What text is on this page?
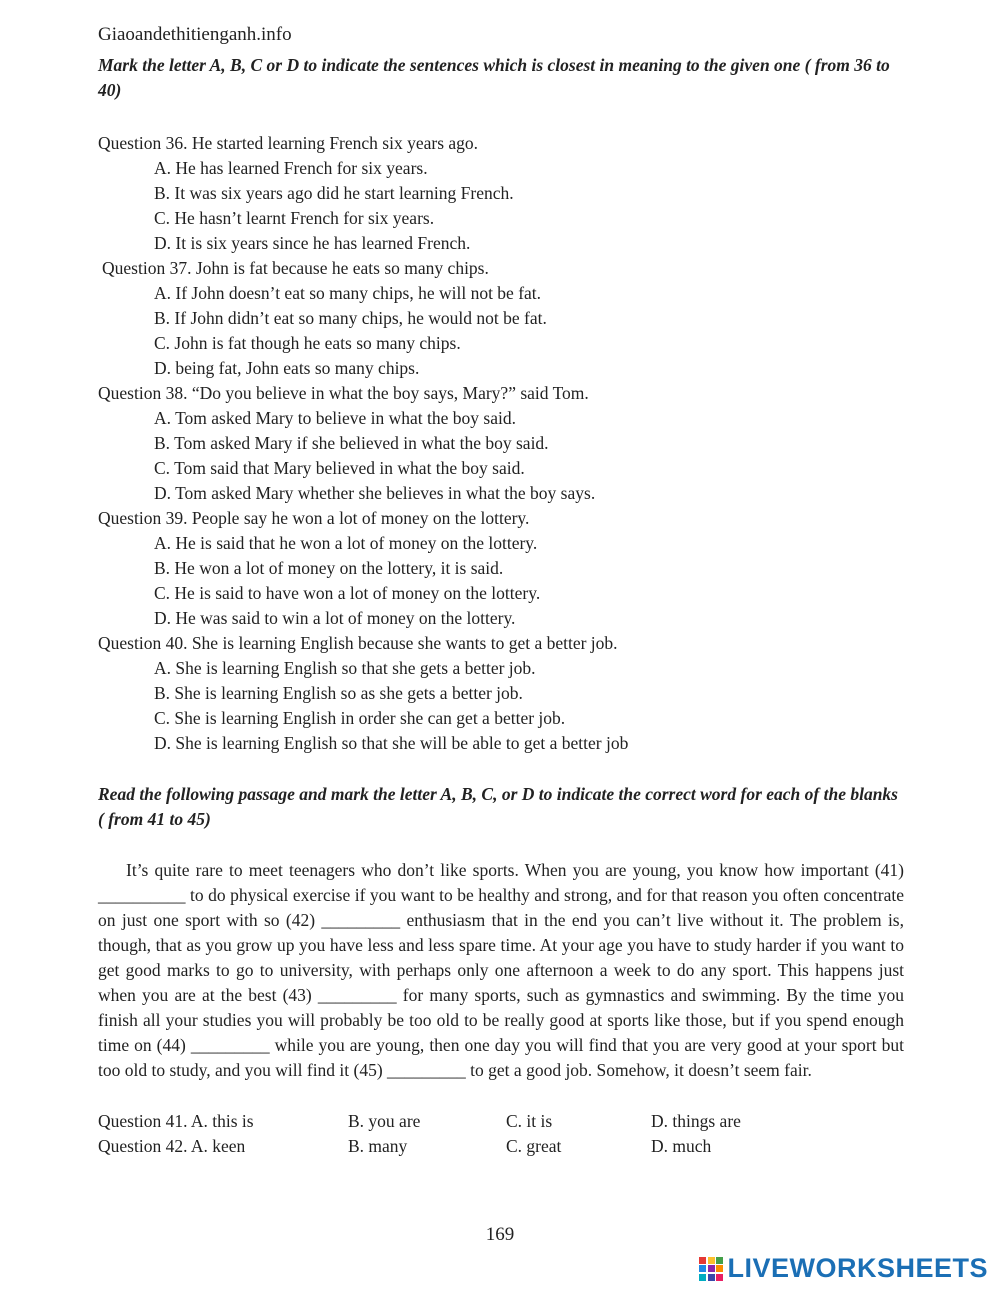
Giaoandethitienganh.info

Mark the letter A, B, C or D to indicate the sentences which is closest in meaning to the given one ( from 36 to 40)

Question 36. He started learning French six years ago.

A. He has learned French for six years.

B. It was six years ago did he start learning French.

C. He hasn’t learnt French for six years.

D. It is six years since he has learned French.

Question 37. John is fat because he eats so many chips.

A. If John doesn’t eat so many chips, he will not be fat.

B. If John didn’t eat so many chips, he would not be fat.

C. John is fat though he eats so many chips.

D. being fat, John eats so many chips.

Question 38. “Do you believe in what the boy says, Mary?” said Tom.

A. Tom asked Mary to believe in what the boy said.

B. Tom asked Mary if she believed in what the boy said.

C. Tom said that Mary believed in what the boy said.

D. Tom asked Mary whether she believes in what the boy says.

Question 39. People say he won a lot of money on the lottery.

A. He is said that he won a lot of money on the lottery.

B. He won a lot of money on the lottery, it is said.

C. He is said to have won a lot of money on the lottery.

D. He was said to win a lot of money on the lottery.

Question 40. She is learning English because she wants to get a better job.

A. She is learning English so that she gets a better job.

B. She is learning English so as she gets a better job.

C. She is learning English in order she can get a better job.

D. She is learning English so that she will be able to get a better job

Read the following passage and mark the letter A, B, C, or D to indicate the correct word for each of the blanks ( from 41 to 45)

It’s quite rare to meet teenagers who don’t like sports. When you are young, you know how important (41) __________ to do physical exercise if you want to be healthy and strong, and for that reason you often concentrate on just one sport with so (42) _________ enthusiasm that in the end you can’t live without it. The problem is, though, that as you grow up you have less and less spare time. At your age you have to study harder if you want to get good marks to go to university, with perhaps only one afternoon a week to do any sport. This happens just when you are at the best (43) _________ for many sports, such as gymnastics and swimming. By the time you finish all your studies you will probably be too old to be really good at sports like those, but if you spend enough time on (44) _________ while you are young, then one day you will find that you are very good at your sport but too old to study, and you will find it (45) _________ to get a good job. Somehow, it doesn’t seem fair.

Question 41. A. this is	B. you are	C. it is	D. things are
Question 42. A. keen	B. many	C. great	D. much
169
LIVEWORKSHEETS
